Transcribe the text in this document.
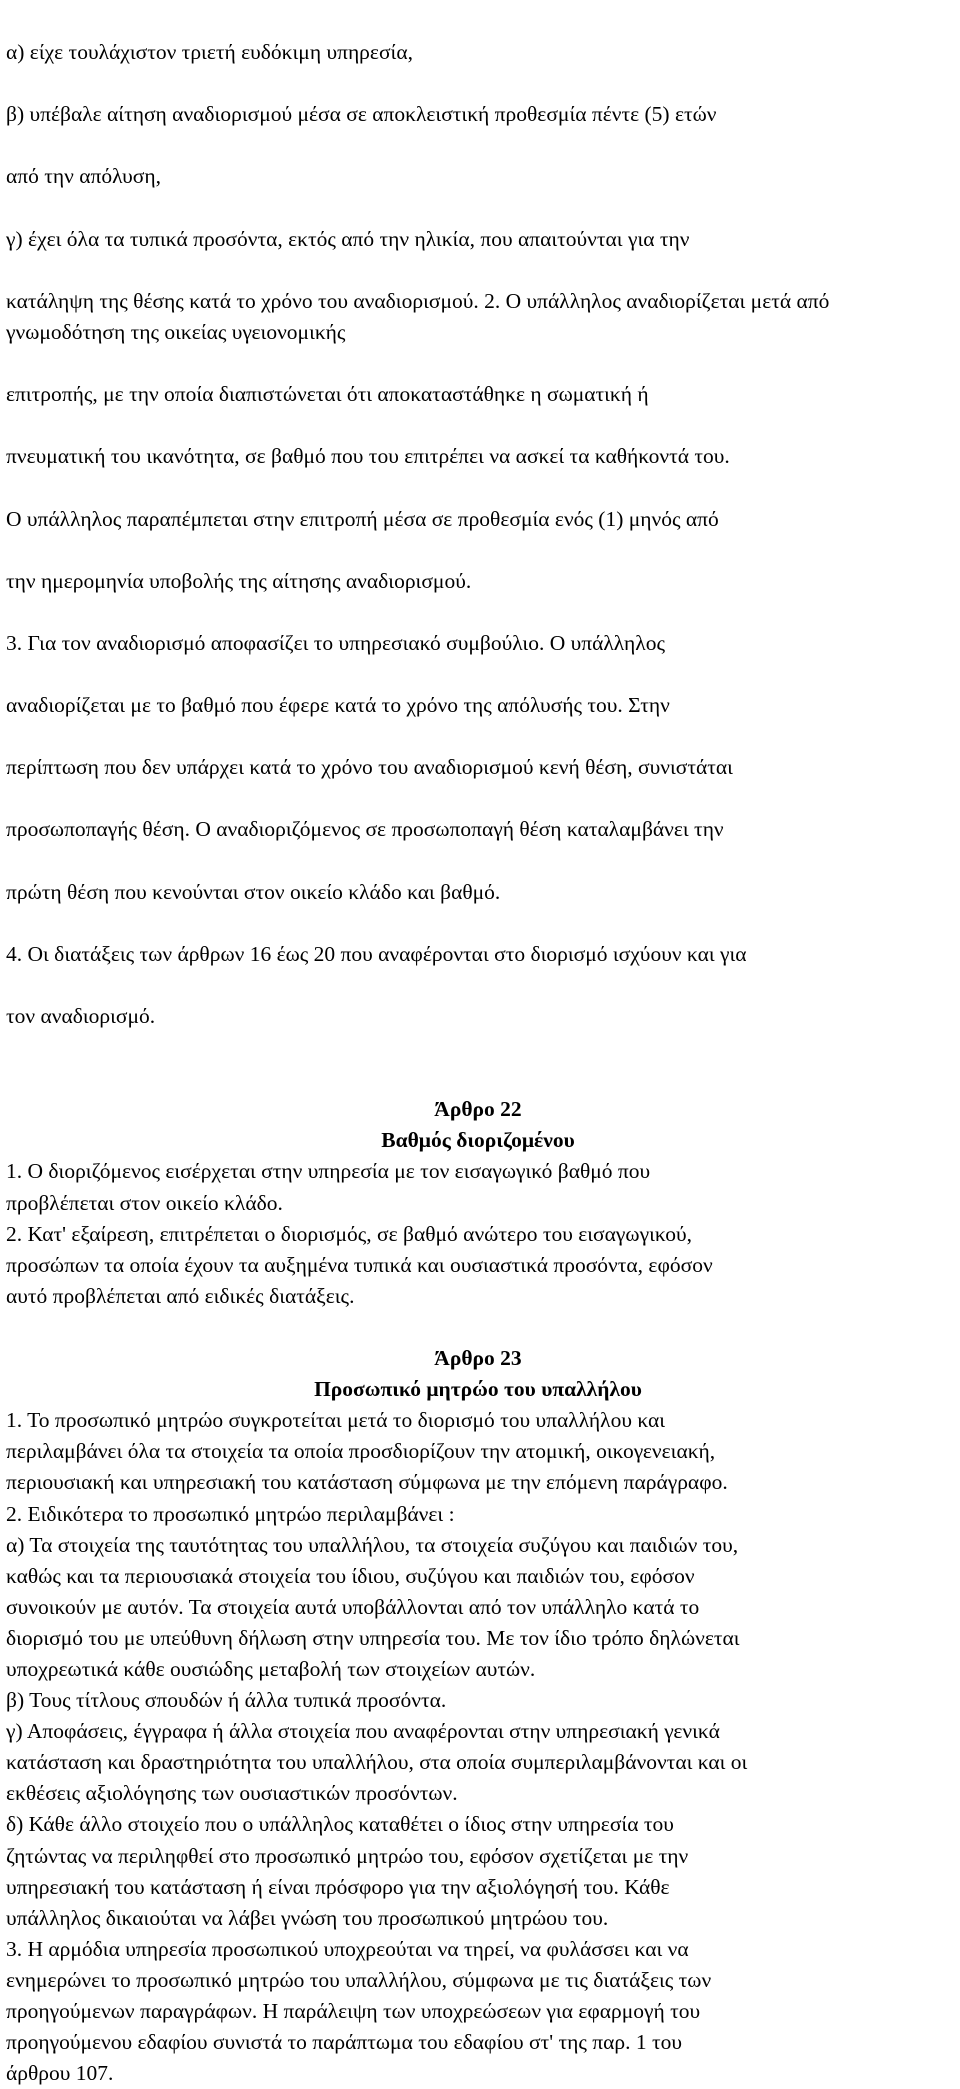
α) είχε τουλάχιστον τριετή ευδόκιμη υπηρεσία,

β) υπέβαλε αίτηση αναδιορισμού μέσα σε αποκλειστική προθεσμία πέντε (5) ετών

από την απόλυση,

γ) έχει όλα τα τυπικά προσόντα, εκτός από την ηλικία, που απαιτούνται για την

κατάληψη της θέσης κατά το χρόνο του αναδιορισμού. 2. Ο υπάλληλος αναδιορίζεται μετά από γνωμοδότηση της οικείας υγειονομικής

επιτροπής, με την οποία διαπιστώνεται ότι αποκαταστάθηκε η σωματική ή

πνευματική του ικανότητα, σε βαθμό που του επιτρέπει να ασκεί τα καθήκοντά του.

Ο υπάλληλος παραπέμπεται στην επιτροπή μέσα σε προθεσμία ενός (1) μηνός από

την ημερομηνία υποβολής της αίτησης αναδιορισμού.

3. Για τον αναδιορισμό αποφασίζει το υπηρεσιακό συμβούλιο. Ο υπάλληλος

αναδιορίζεται με το βαθμό που έφερε κατά το χρόνο της απόλυσής του. Στην

περίπτωση που δεν υπάρχει κατά το χρόνο του αναδιορισμού κενή θέση, συνιστάται

προσωποπαγής θέση. Ο αναδιοριζόμενος σε προσωποπαγή θέση καταλαμβάνει την

πρώτη θέση που κενούνται στον οικείο κλάδο και βαθμό.

4. Οι διατάξεις των άρθρων 16 έως 20 που αναφέρονται στο διορισμό ισχύουν και για

τον αναδιορισμό.

Άρθρο 22
Βαθμός διοριζομένου
1. Ο διοριζόμενος εισέρχεται στην υπηρεσία με τον εισαγωγικό βαθμό που
προβλέπεται στον οικείο κλάδο.
2. Κατ' εξαίρεση, επιτρέπεται ο διορισμός, σε βαθμό ανώτερο του εισαγωγικού,
προσώπων τα οποία έχουν τα αυξημένα τυπικά και ουσιαστικά προσόντα, εφόσον
αυτό προβλέπεται από ειδικές διατάξεις.
Άρθρο 23
Προσωπικό μητρώο του υπαλλήλου
1. Το προσωπικό μητρώο συγκροτείται μετά το διορισμό του υπαλλήλου και
περιλαμβάνει όλα τα στοιχεία τα οποία προσδιορίζουν την ατομική, οικογενειακή,
περιουσιακή και υπηρεσιακή του κατάσταση σύμφωνα με την επόμενη παράγραφο.
2. Ειδικότερα το προσωπικό μητρώο περιλαμβάνει :
α) Τα στοιχεία της ταυτότητας του υπαλλήλου, τα στοιχεία συζύγου και παιδιών του,
καθώς και τα περιουσιακά στοιχεία του ίδιου, συζύγου και παιδιών του, εφόσον
συνοικούν με αυτόν. Τα στοιχεία αυτά υποβάλλονται από τον υπάλληλο κατά το
διορισμό του με υπεύθυνη δήλωση στην υπηρεσία του. Με τον ίδιο τρόπο δηλώνεται
υποχρεωτικά κάθε ουσιώδης μεταβολή των στοιχείων αυτών.
β) Τους τίτλους σπουδών ή άλλα τυπικά προσόντα.
γ) Αποφάσεις, έγγραφα ή άλλα στοιχεία που αναφέρονται στην υπηρεσιακή γενικά
κατάσταση και δραστηριότητα του υπαλλήλου, στα οποία συμπεριλαμβάνονται και οι
εκθέσεις αξιολόγησης των ουσιαστικών προσόντων.
δ) Κάθε άλλο στοιχείο που ο υπάλληλος καταθέτει ο ίδιος στην υπηρεσία του
ζητώντας να περιληφθεί στο προσωπικό μητρώο του, εφόσον σχετίζεται με την
υπηρεσιακή του κατάσταση ή είναι πρόσφορο για την αξιολόγησή του. Κάθε
υπάλληλος δικαιούται να λάβει γνώση του προσωπικού μητρώου του.
3. Η αρμόδια υπηρεσία προσωπικού υποχρεούται να τηρεί, να φυλάσσει και να
ενημερώνει το προσωπικό μητρώο του υπαλλήλου, σύμφωνα με τις διατάξεις των
προηγούμενων παραγράφων. Η παράλειψη των υποχρεώσεων για εφαρμογή του
προηγούμενου εδαφίου συνιστά το παράπτωμα του εδαφίου στ' της παρ. 1 του
άρθρου 107.
